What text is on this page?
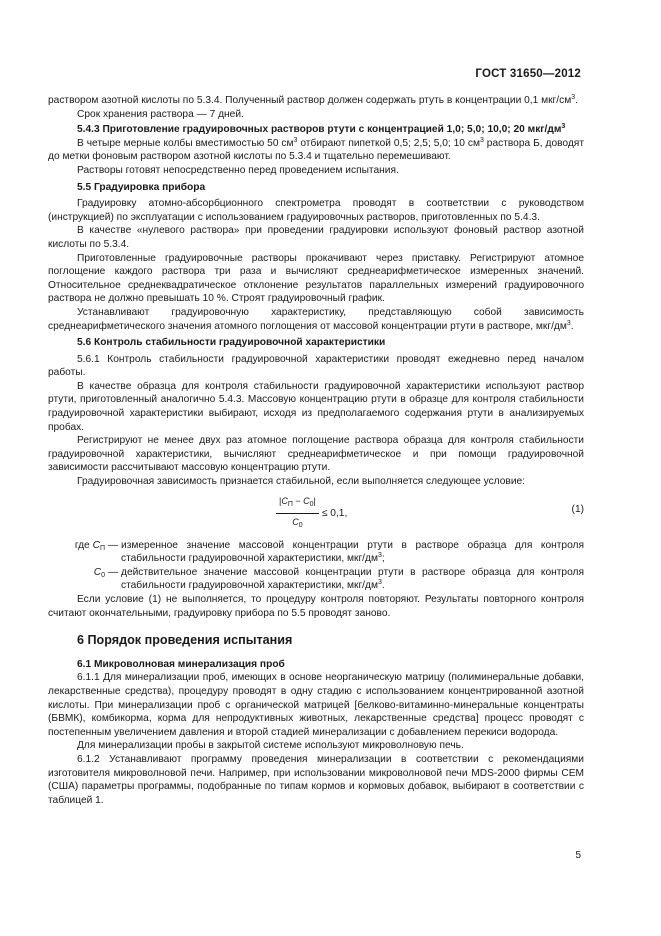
ГОСТ 31650—2012

раствором азотной кислоты по 5.3.4. Полученный раствор должен содержать ртуть в концентрации 0,1 мкг/$см^3$.

Срок хранения раствора — 7 дней.

5.4.3 Приготовление градуировочных растворов ртути с концентрацией 1,0; 5,0; 10,0; 20 мкг/$дм^3$

В четыре мерные колбы вместимостью 50 $см^3$ отбирают пипеткой 0,5; 2,5; 5,0; 10 $см^3$ раствора Б, доводят до метки фоновым раствором азотной кислоты по 5.3.4 и тщательно перемешивают.

Растворы готовят непосредственно перед проведением испытания.

5.5 Градуировка прибора

Градуировку атомно-абсорбционного спектрометра проводят в соответствии с руководством (инструкцией) по эксплуатации с использованием градуировочных растворов, приготовленных по 5.4.3.

В качестве «нулевого раствора» при проведении градуировки используют фоновый раствор азотной кислоты по 5.3.4.

Приготовленные градуировочные растворы прокачивают через приставку. Регистрируют атомное поглощение каждого раствора три раза и вычисляют среднеарифметическое измеренных значений. Относительное среднеквадратическое отклонение результатов параллельных измерений градуировочного раствора не должно превышать 10 %. Строят градуировочный график.

Устанавливают градуировочную характеристику, представляющую собой зависимость среднеарифметического значения атомного поглощения от массовой концентрации ртути в растворе, мкг/$дм^3$.

5.6 Контроль стабильности градуировочной характеристики

5.6.1 Контроль стабильности градуировочной характеристики проводят ежедневно перед началом работы.

В качестве образца для контроля стабильности градуировочной характеристики используют раствор ртути, приготовленный аналогично 5.4.3. Массовую концентрацию ртути в образце для контроля стабильности градуировочной характеристики выбирают, исходя из предполагаемого содержания ртути в анализируемых пробах.

Регистрируют не менее двух раз атомное поглощение раствора образца для контроля стабильности градуировочной характеристики, вычисляют среднеарифметическое и при помощи градуировочной зависимости рассчитывают массовую концентрацию ртути.

Градуировочная зависимость признается стабильной, если выполняется следующее условие:

$\frac{|С_П - С_0|}{С_0} \le 0,1$,	(1)
где $С_П$ — измеренное значение массовой концентрации ртути в растворе образца для контроля стабильности градуировочной характеристики, мкг/$дм^3$;
$С_0$ — действительное значение массовой концентрации ртути в растворе образца для контроля стабильности градуировочной характеристики, мкг/$дм^3$.

Если условие (1) не выполняется, то процедуру контроля повторяют. Результаты повторного контроля считают окончательными, градуировку прибора по 5.5 проводят заново.

6 Порядок проведения испытания

6.1 Микроволновая минерализация проб

6.1.1 Для минерализации проб, имеющих в основе неорганическую матрицу (полиминеральные добавки, лекарственные средства), процедуру проводят в одну стадию с использованием концентрированной азотной кислоты. При минерализации проб с органической матрицей [белково-витаминно-минеральные концентраты (БВМК), комбикорма, корма для непродуктивных животных, лекарственные средства] процесс проводят с постепенным увеличением давления и второй стадией минерализации с добавлением перекиси водорода.

Для минерализации пробы в закрытой системе используют микроволновую печь.

6.1.2 Устанавливают программу проведения минерализации в соответствии с рекомендациями изготовителя микроволновой печи. Например, при использовании микроволновой печи MDS-2000 фирмы CEM (США) параметры программы, подобранные по типам кормов и кормовых добавок, выбирают в соответствии с таблицей 1.

5
